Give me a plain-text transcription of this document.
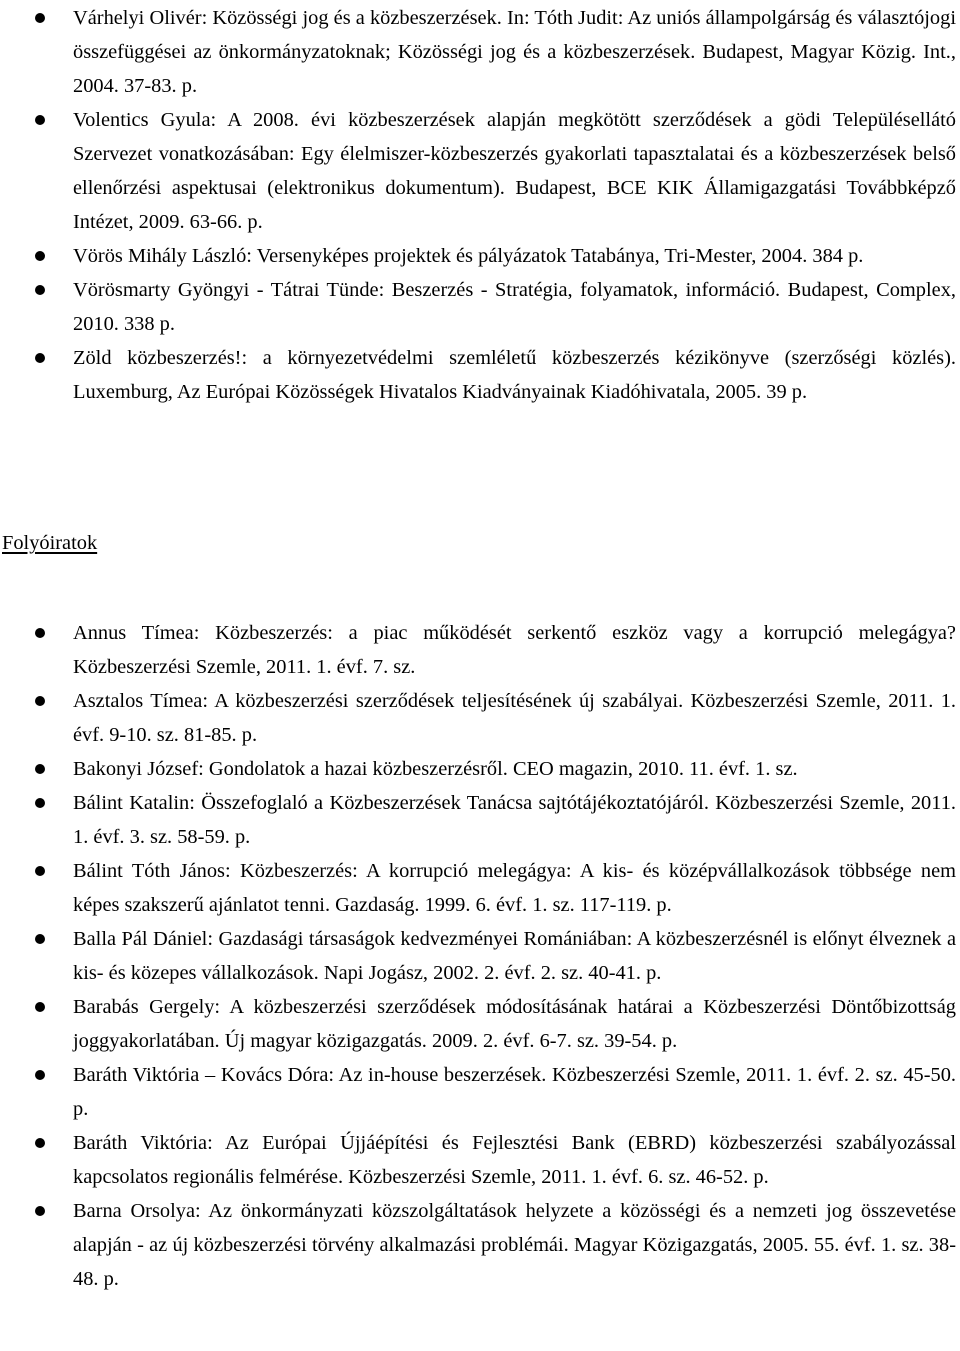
Várhelyi Olivér: Közösségi jog és a közbeszerzések. In: Tóth Judit: Az uniós állampolgárság és választójogi összefüggései az önkormányzatoknak; Közösségi jog és a közbeszerzések. Budapest, Magyar Közig. Int., 2004. 37-83. p.
Volentics Gyula: A 2008. évi közbeszerzések alapján megkötött szerződések a gödi Településellátó Szervezet vonatkozásában: Egy élelmiszer-közbeszerzés gyakorlati tapasztalatai és a közbeszerzések belső ellenőrzési aspektusai (elektronikus dokumentum). Budapest, BCE KIK Államigazgatási Továbbképző Intézet, 2009. 63-66. p.
Vörös Mihály László: Versenyképes projektek és pályázatok Tatabánya, Tri-Mester, 2004. 384 p.
Vörösmarty Gyöngyi - Tátrai Tünde: Beszerzés - Stratégia, folyamatok, információ. Budapest, Complex, 2010. 338 p.
Zöld közbeszerzés!: a környezetvédelmi szemléletű közbeszerzés kézikönyve (szerzőségi közlés). Luxemburg, Az Európai Közösségek Hivatalos Kiadványainak Kiadóhivatala, 2005. 39 p.
Folyóiratok
Annus Tímea: Közbeszerzés: a piac működését serkentő eszköz vagy a korrupció melegágya? Közbeszerzési Szemle, 2011. 1. évf. 7. sz.
Asztalos Tímea: A közbeszerzési szerződések teljesítésének új szabályai. Közbeszerzési Szemle, 2011. 1. évf. 9-10. sz. 81-85. p.
Bakonyi József: Gondolatok a hazai közbeszerzésről. CEO magazin, 2010. 11. évf. 1. sz.
Bálint Katalin: Összefoglaló a Közbeszerzések Tanácsa sajtótájékoztatójáról. Közbeszerzési Szemle, 2011. 1. évf. 3. sz. 58-59. p.
Bálint Tóth János: Közbeszerzés: A korrupció melegágya: A kis- és középvállalkozások többsége nem képes szakszerű ajánlatot tenni. Gazdaság. 1999. 6. évf. 1. sz. 117-119. p.
Balla Pál Dániel: Gazdasági társaságok kedvezményei Romániában: A közbeszerzésnél is előnyt élveznek a kis- és közepes vállalkozások. Napi Jogász, 2002. 2. évf. 2. sz. 40-41. p.
Barabás Gergely: A közbeszerzési szerződések módosításának határai a Közbeszerzési Döntőbizottság joggyakorlatában. Új magyar közigazgatás. 2009. 2. évf. 6-7. sz. 39-54. p.
Baráth Viktória – Kovács Dóra: Az in-house beszerzések. Közbeszerzési Szemle, 2011. 1. évf. 2. sz. 45-50. p.
Baráth Viktória: Az Európai Újjáépítési és Fejlesztési Bank (EBRD) közbeszerzési szabályozással kapcsolatos regionális felmérése. Közbeszerzési Szemle, 2011. 1. évf. 6. sz. 46-52. p.
Barna Orsolya: Az önkormányzati közszolgáltatások helyzete a közösségi és a nemzeti jog összevetése alapján - az új közbeszerzési törvény alkalmazási problémái. Magyar Közigazgatás, 2005. 55. évf. 1. sz. 38-48. p.
